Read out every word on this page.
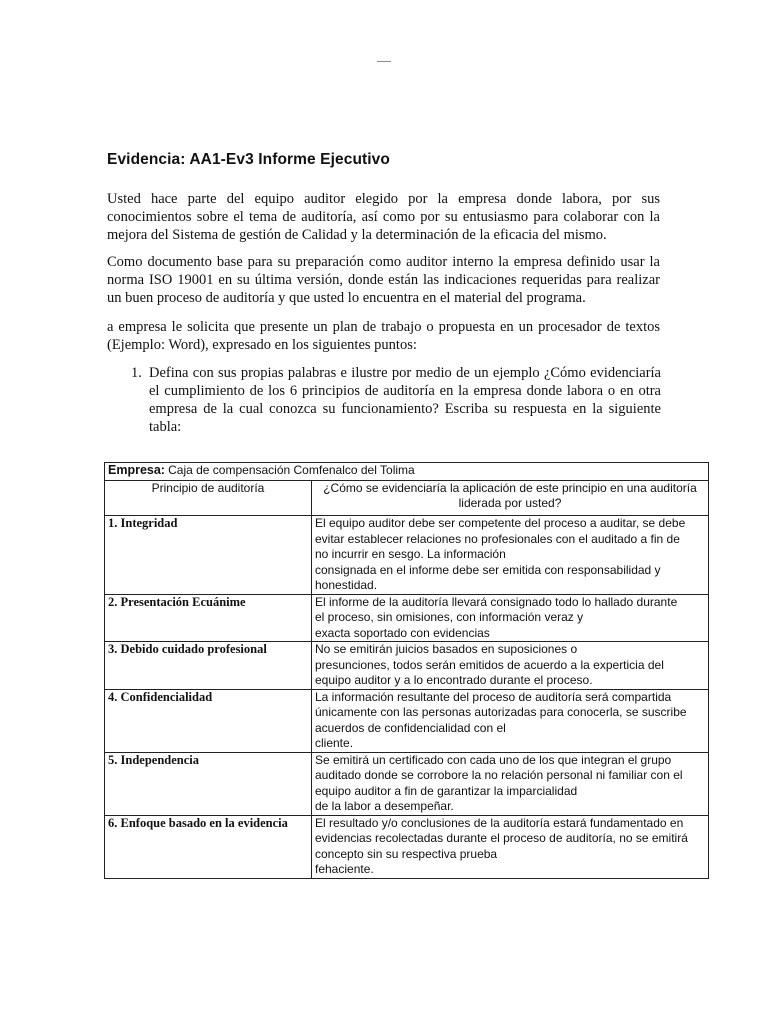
Evidencia: AA1-Ev3 Informe Ejecutivo
Usted hace parte del equipo auditor elegido por la empresa donde labora, por sus conocimientos sobre el tema de auditoría, así como por su entusiasmo para colaborar con la mejora del Sistema de gestión de Calidad y la determinación de la eficacia del mismo.
Como documento base para su preparación como auditor interno la empresa definido usar la norma ISO 19001 en su última versión, donde están las indicaciones requeridas para realizar un buen proceso de auditoría y que usted lo encuentra en el material del programa.
a empresa le solicita que presente un plan de trabajo o propuesta en un procesador de textos (Ejemplo: Word), expresado en los siguientes puntos:
1. Defina con sus propias palabras e ilustre por medio de un ejemplo ¿Cómo evidenciaría el cumplimiento de los 6 principios de auditoría en la empresa donde labora o en otra empresa de la cual conozca su funcionamiento? Escriba su respuesta en la siguiente tabla:
Empresa: Caja de compensación Comfenalco del Tolima	
Principio de auditoría	¿Cómo se evidenciaría la aplicación de este principio en una auditoría liderada por usted?
1. Integridad	El equipo auditor debe ser competente del proceso a auditar, se debe
evitar establecer relaciones no profesionales con el auditado a fin de
no incurrir en sesgo. La información
consignada en el informe debe ser emitida con responsabilidad y
honestidad.

2. Presentación Ecuánime	El informe de la auditoría llevará consignado todo lo hallado durante
el proceso, sin omisiones, con información veraz y
exacta soportado con evidencias

3. Debido cuidado profesional	No se emitirán juicios basados en suposiciones o
presunciones, todos serán emitidos de acuerdo a la experticia del
equipo auditor y a lo encontrado durante el proceso.

4. Confidencialidad	La información resultante del proceso de auditoría será compartida
únicamente con las personas autorizadas para conocerla, se suscribe
acuerdos de confidencialidad con el
cliente.

5. Independencia	Se emitirá un certificado con cada uno de los que integran el grupo
auditado donde se corrobore la no relación personal ni familiar con el
equipo auditor a fin de garantizar la imparcialidad
de la labor a desempeñar.

6. Enfoque basado en la evidencia	El resultado y/o conclusiones de la auditoría estará fundamentado en
evidencias recolectadas durante el proceso de auditoría, no se emitirá
concepto sin su respectiva prueba
fehaciente.
